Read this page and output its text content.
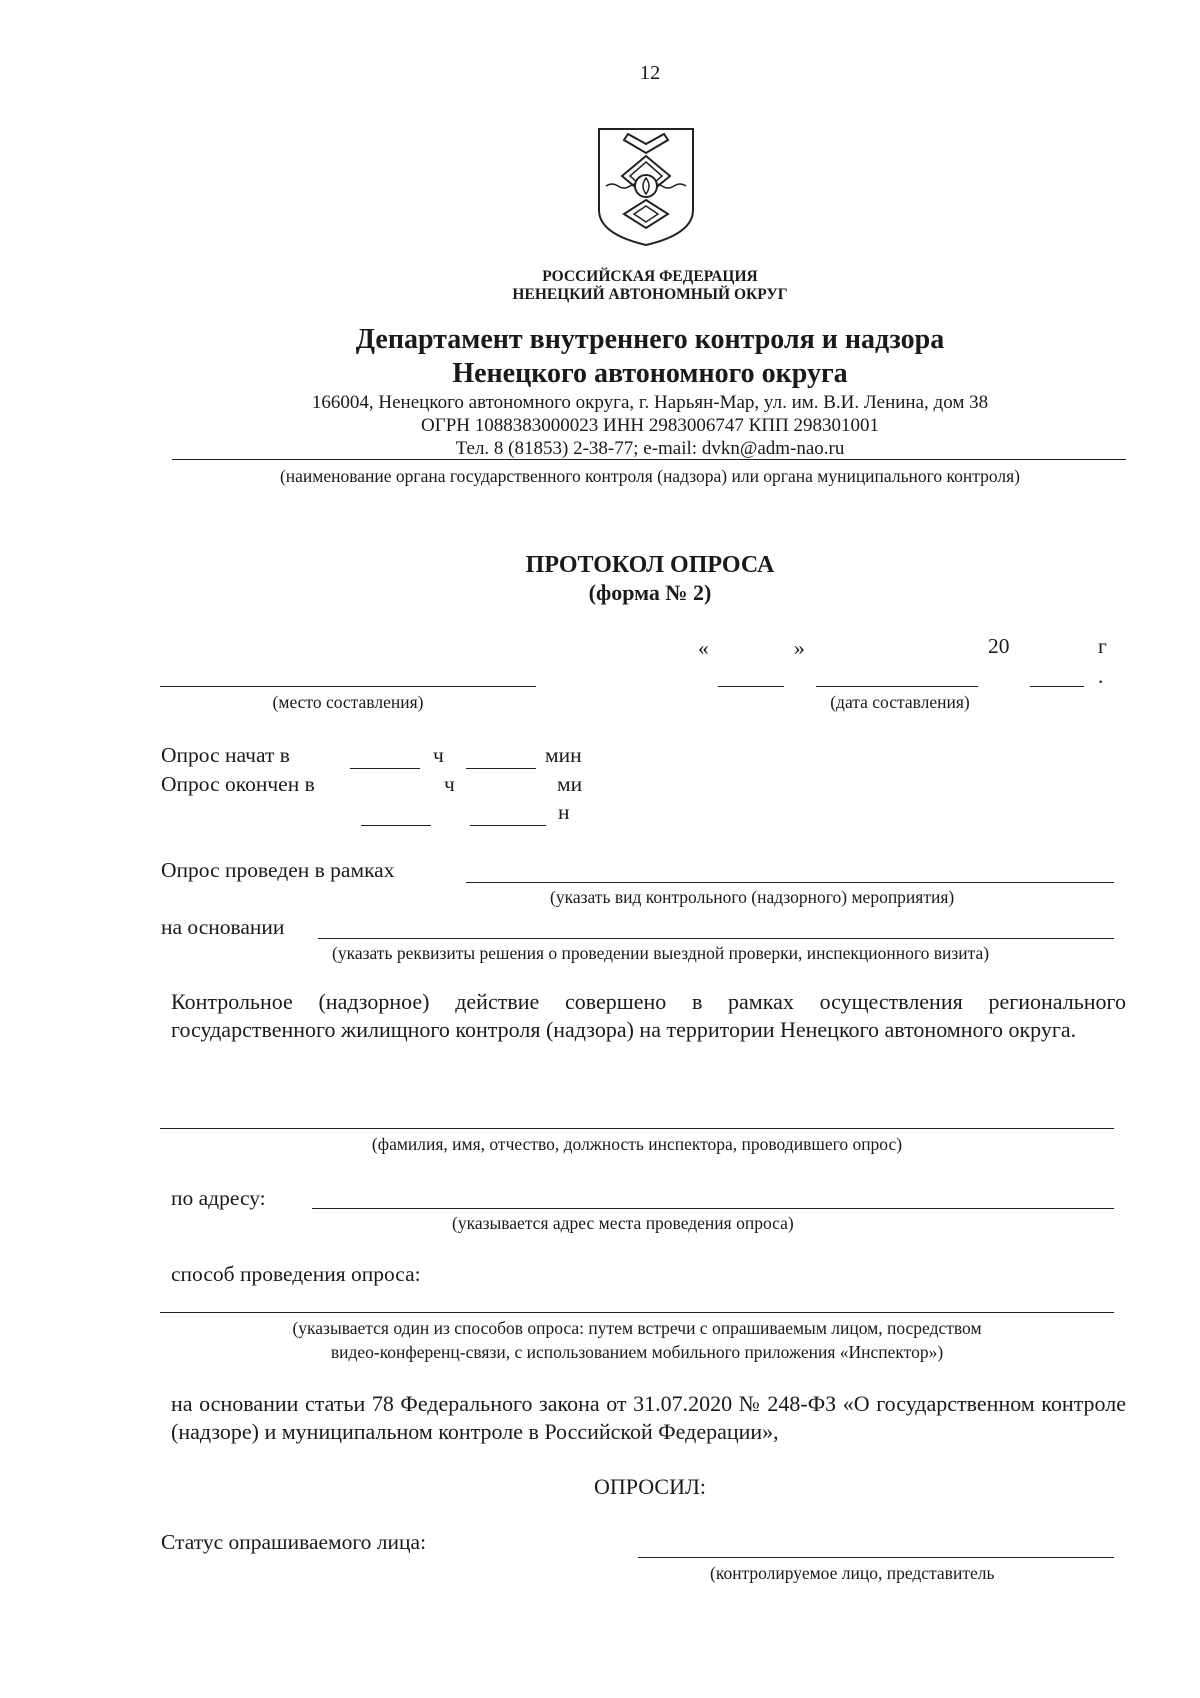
12
РОССИЙСКАЯ ФЕДЕРАЦИЯ
НЕНЕЦКИЙ АВТОНОМНЫЙ ОКРУГ
Департамент внутреннего контроля и надзора
Ненецкого автономного округа
166004, Ненецкого автономного округа, г. Нарьян-Мар, ул. им. В.И. Ленина, дом 38
ОГРН 1088383000023 ИНН 2983006747 КПП 298301001
Тел. 8 (81853) 2-38-77; e-mail: dvkn@adm-nao.ru
(наименование органа государственного контроля (надзора) или органа муниципального контроля)
ПРОТОКОЛ ОПРОСА
(форма № 2)
«	»	20	г
.
(место составления)	(дата составления)
Опрос начат в	ч	мин
Опрос окончен в	ч	ми
н
Опрос проведен в рамках
(указать вид контрольного (надзорного) мероприятия)
на основании
(указать реквизиты решения о проведении выездной проверки, инспекционного визита)
Контрольное (надзорное) действие совершено в рамках осуществления регионального государственного жилищного контроля (надзора) на территории Ненецкого автономного округа.
(фамилия, имя, отчество, должность инспектора, проводившего опрос)
по адресу:
(указывается адрес места проведения опроса)
способ проведения опроса:
(указывается один из способов опроса: путем встречи с опрашиваемым лицом, посредством
видео-конференц-связи, с использованием мобильного приложения «Инспектор»)
на основании статьи 78 Федерального закона от 31.07.2020 № 248-ФЗ «О государственном контроле (надзоре) и муниципальном контроле в Российской Федерации»,
ОПРОСИЛ:
Статус опрашиваемого лица:
(контролируемое лицо, представитель
